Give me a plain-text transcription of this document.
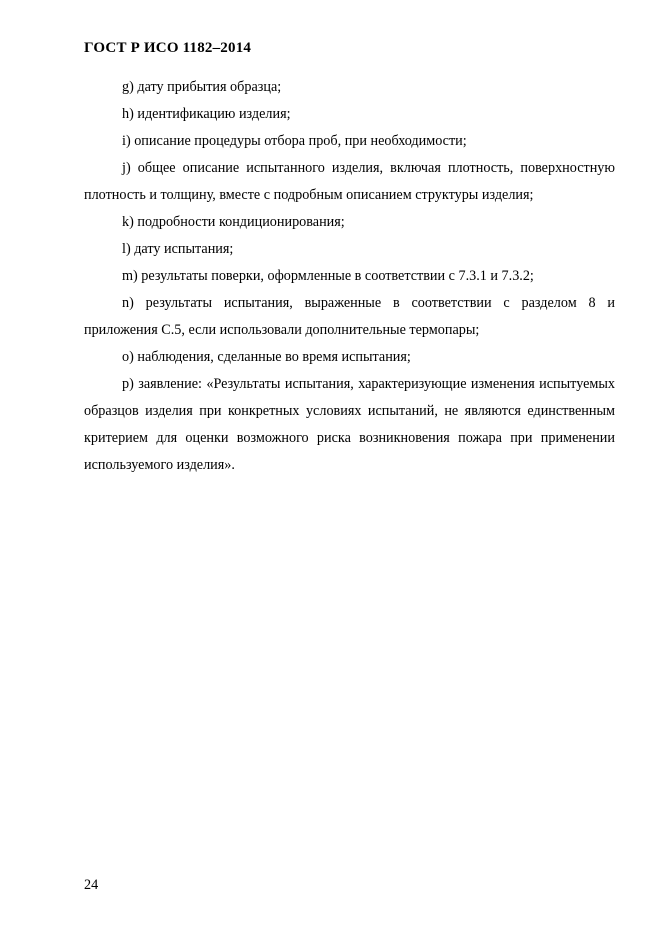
ГОСТ Р ИСО 1182–2014

g) дату прибытия образца;

h) идентификацию изделия;

i) описание процедуры отбора проб, при необходимости;

j) общее описание испытанного изделия, включая плотность, поверхностную плотность и толщину, вместе с подробным описанием структуры изделия;

k) подробности кондиционирования;

l) дату испытания;

m) результаты поверки, оформленные в соответствии с 7.3.1 и 7.3.2;

n) результаты испытания, выраженные в соответствии с разделом 8 и приложения С.5, если использовали дополнительные термопары;

o) наблюдения, сделанные во время испытания;

p) заявление: «Результаты испытания, характеризующие изменения испытуемых образцов изделия при конкретных условиях испытаний, не являются единственным критерием для оценки возможного риска возникновения пожара при применении используемого изделия».

24
